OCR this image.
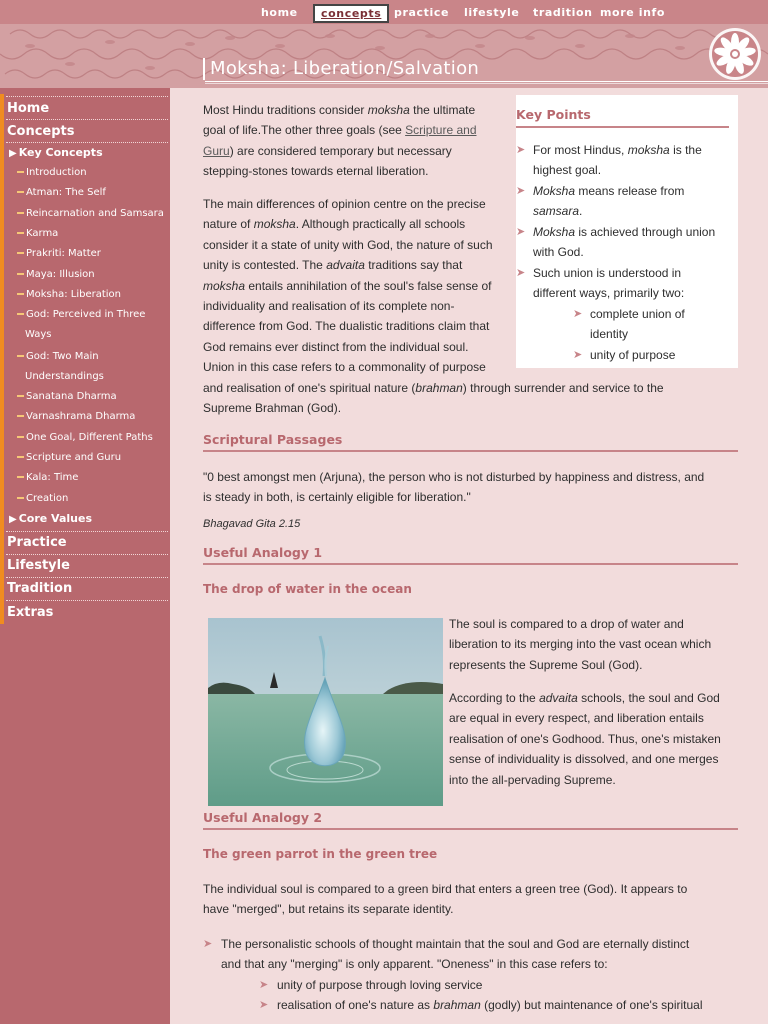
home	concepts	practice lifestyle tradition more info
Moksha: Liberation/Salvation
Home
Concepts
▶ Key Concepts
Introduction
Atman: The Self
Reincarnation and Samsara
Karma
Prakriti: Matter
Maya: Illusion
Moksha: Liberation
God: Perceived in Three
Ways
God: Two Main
Understandings
Sanatana Dharma
Varnashrama Dharma
One Goal, Different Paths
Scripture and Guru
Kala: Time
Creation
▶ Core Values
Practice
Lifestyle
Tradition
Extras
Most Hindu traditions consider moksha the ultimate
goal of life.The other three goals (see Scripture and
Guru) are considered temporary but necessary
stepping-stones towards eternal liberation.
The main differences of opinion centre on the precise
nature of moksha. Although practically all schools
consider it a state of unity with God, the nature of such
unity is contested. The advaita traditions say that
moksha entails annihilation of the soul's false sense of
individuality and realisation of its complete non-
difference from God. The dualistic traditions claim that
God remains ever distinct from the individual soul.
Union in this case refers to a commonality of purpose
and realisation of one's spiritual nature (brahman) through surrender and service to the
Supreme Brahman (God).
Key Points
➤ For most Hindus, moksha is the
highest goal.
➤ Moksha means release from
samsara.
➤ Moksha is achieved through union
with God.
➤ Such union is understood in
different ways, primarily two:
➤ complete union of
identity
➤ unity of purpose
Scriptural Passages
"0 best amongst men (Arjuna), the person who is not disturbed by happiness and distress, and
is steady in both, is certainly eligible for liberation."
Bhagavad Gita 2.15
Useful Analogy 1
The drop of water in the ocean
The soul is compared to a drop of water and
liberation to its merging into the vast ocean which
represents the Supreme Soul (God).
According to the advaita schools, the soul and God
are equal in every respect, and liberation entails
realisation of one's Godhood. Thus, one's mistaken
sense of individuality is dissolved, and one merges
into the all-pervading Supreme.
Useful Analogy 2
The green parrot in the green tree
The individual soul is compared to a green bird that enters a green tree (God). It appears to
have "merged", but retains its separate identity.
➤ The personalistic schools of thought maintain that the soul and God are eternally distinct
and that any "merging" is only apparent. "Oneness" in this case refers to:
➤ unity of purpose through loving service
➤ realisation of one's nature as brahman (godly) but maintenance of one's spiritual
